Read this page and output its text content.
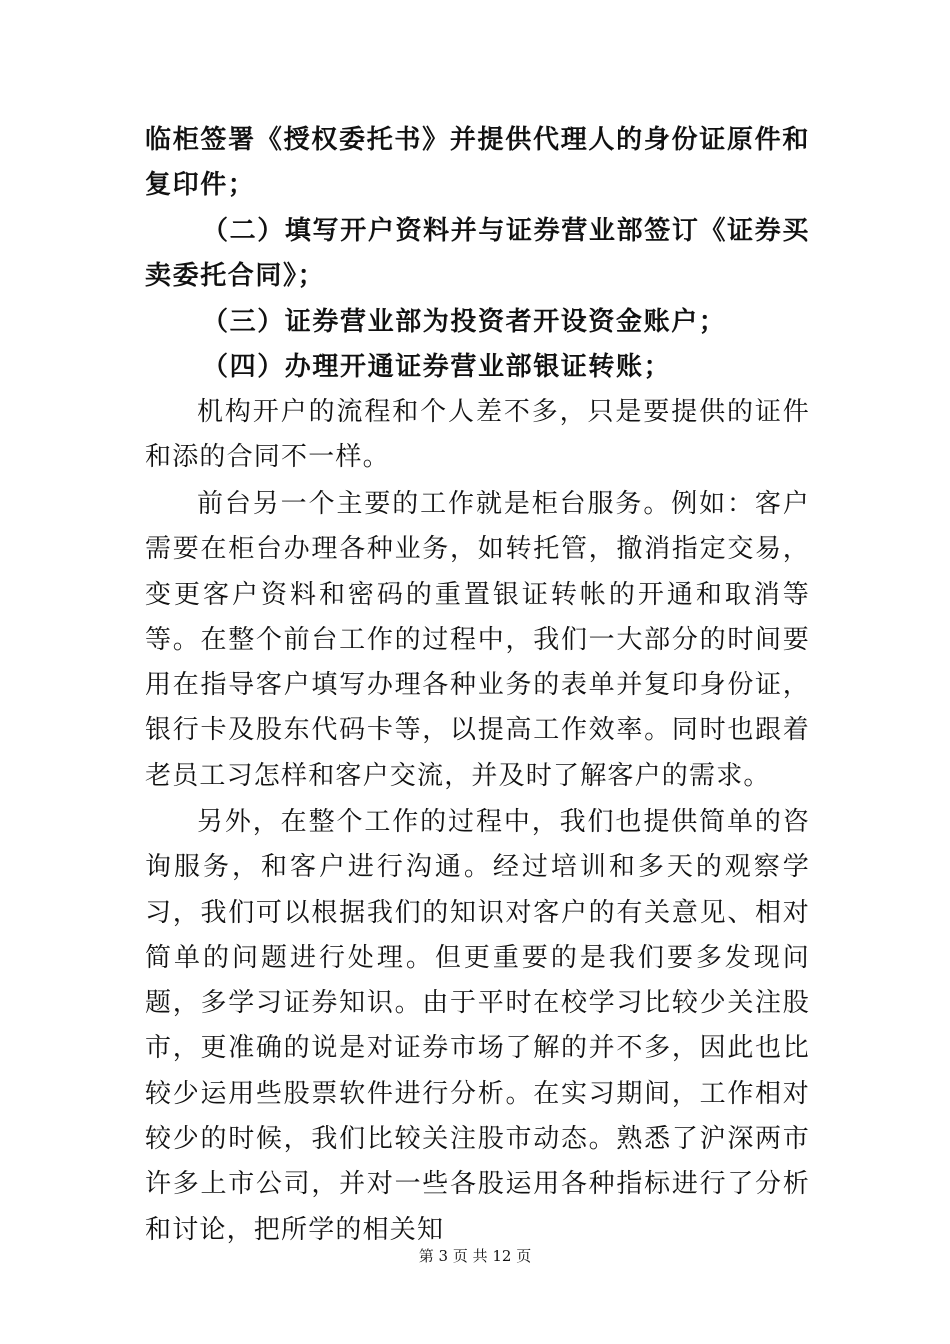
临柜签署《授权委托书》并提供代理人的身份证原件和复印件；

（二）填写开户资料并与证券营业部签订《证券买卖委托合同》；

（三）证券营业部为投资者开设资金账户；

（四）办理开通证券营业部银证转账；

机构开户的流程和个人差不多，只是要提供的证件和添的合同不一样。

前台另一个主要的工作就是柜台服务。例如：客户需要在柜台办理各种业务，如转托管，撤消指定交易，变更客户资料和密码的重置银证转帐的开通和取消等等。在整个前台工作的过程中，我们一大部分的时间要用在指导客户填写办理各种业务的表单并复印身份证，银行卡及股东代码卡等，以提高工作效率。同时也跟着老员工习怎样和客户交流，并及时了解客户的需求。

另外，在整个工作的过程中，我们也提供简单的咨询服务，和客户进行沟通。经过培训和多天的观察学习，我们可以根据我们的知识对客户的有关意见、相对简单的问题进行处理。但更重要的是我们要多发现问题，多学习证券知识。由于平时在校学习比较少关注股市，更准确的说是对证券市场了解的并不多，因此也比较少运用些股票软件进行分析。在实习期间，工作相对较少的时候，我们比较关注股市动态。熟悉了沪深两市许多上市公司，并对一些各股运用各种指标进行了分析和讨论，把所学的相关知

第 3 页 共 12 页
